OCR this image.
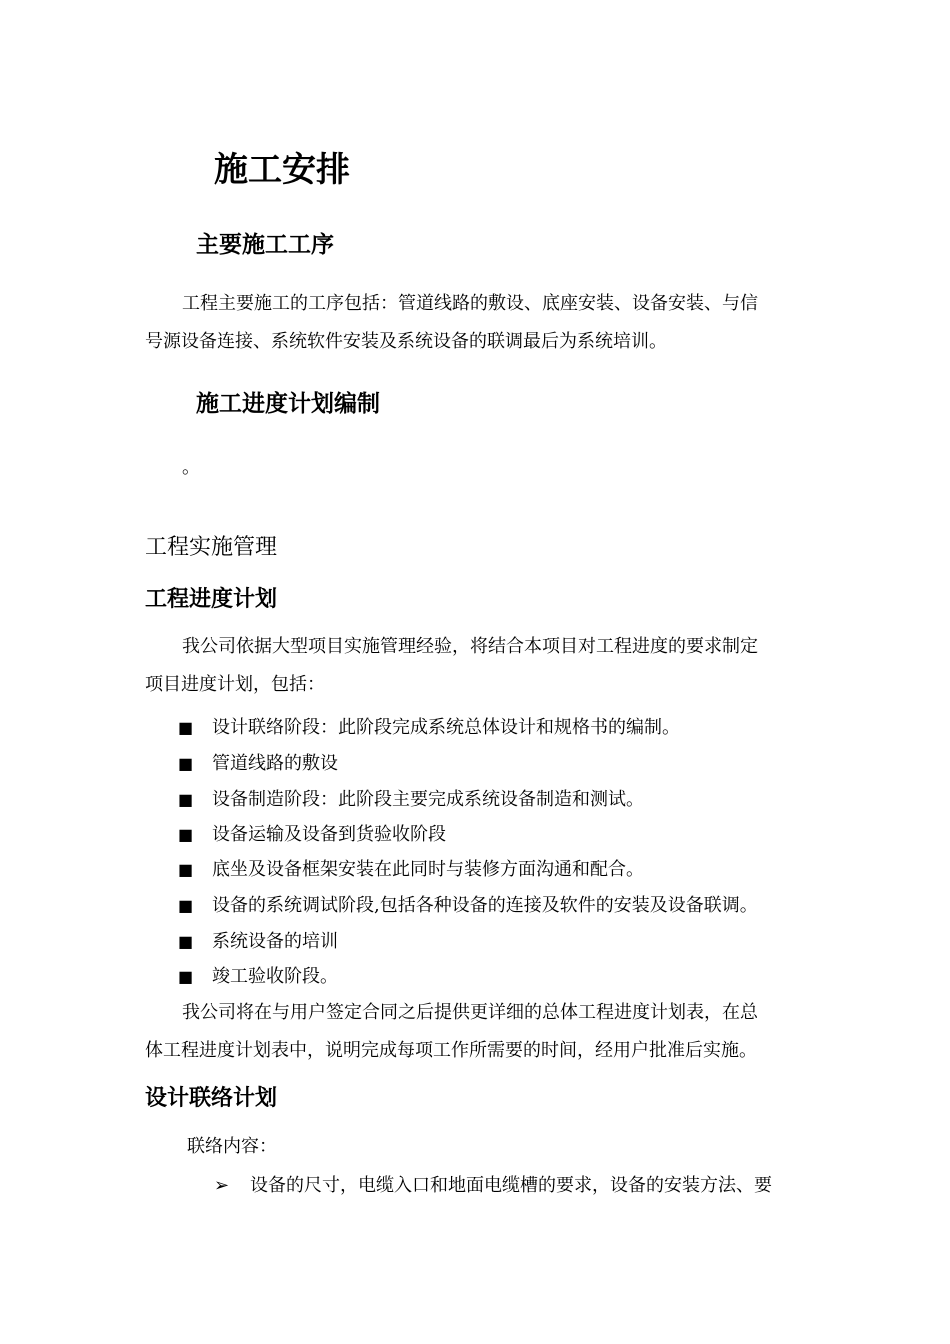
施工安排
主要施工工序
工程主要施工的工序包括：管道线路的敷设、底座安装、设备安装、与信
号源设备连接、系统软件安装及系统设备的联调最后为系统培训。
施工进度计划编制
。
工程实施管理
工程进度计划
我公司依据大型项目实施管理经验，将结合本项目对工程进度的要求制定
项目进度计划，包括：
■ 设计联络阶段：此阶段完成系统总体设计和规格书的编制。
■ 管道线路的敷设
■ 设备制造阶段：此阶段主要完成系统设备制造和测试。
■ 设备运输及设备到货验收阶段
■ 底坐及设备框架安装在此同时与装修方面沟通和配合。
■ 设备的系统调试阶段,包括各种设备的连接及软件的安装及设备联调。
■ 系统设备的培训
■ 竣工验收阶段。
我公司将在与用户签定合同之后提供更详细的总体工程进度计划表，在总
体工程进度计划表中，说明完成每项工作所需要的时间，经用户批准后实施。
设计联络计划
联络内容：
➢ 设备的尺寸，电缆入口和地面电缆槽的要求，设备的安装方法、要
